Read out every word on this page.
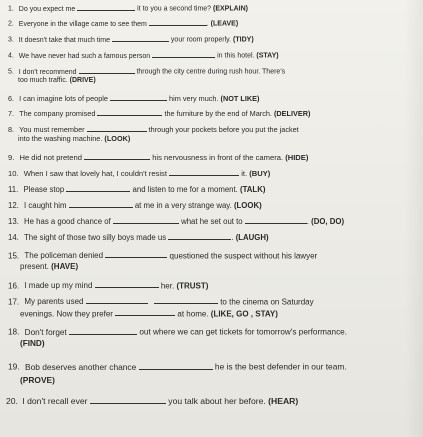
1. Do you expect me	it to you a second time? (EXPLAIN)
2. Everyone in the village came to see them	. (LEAVE)
3. It doesn't take that much time	your room properly. (TIDY)
4. We have never had such a famous person	in this hotel. (STAY)
5. I don't recommend	through the city centre during rush hour. There's
too much traffic. (DRIVE)
6. I can imagine lots of people	him very much. (NOT LIKE)
7. The company promised	the furniture by the end of March. (DELIVER)
8. You must remember	through your pockets before you put the jacket
into the washing machine. (LOOK)
9. He did not pretend	his nervousness in front of the camera. (HIDE)
10. When I saw that lovely hat, I couldn't resist	it. (BUY)
11. Please stop	and listen to me for a moment. (TALK)
12. I caught him	at me in a very strange way. (LOOK)
13. He has a good chance of	what he set out to	. (DO, DO)
14. The sight of those two silly boys made us	. (LAUGH)
15. The policeman denied	questioned the suspect without his lawyer
present. (HAVE)
16. I made up my mind	her. (TRUST)
17. My parents used	to the cinema on Saturday
evenings. Now they prefer	at home. (LIKE, GO , STAY)
18. Don't forget	out where we can get tickets for tomorrow's performance.
(FIND)
19. Bob deserves another chance	he is the best defender in our team.
(PROVE)
20. I don't recall ever	you talk about her before. (HEAR)
